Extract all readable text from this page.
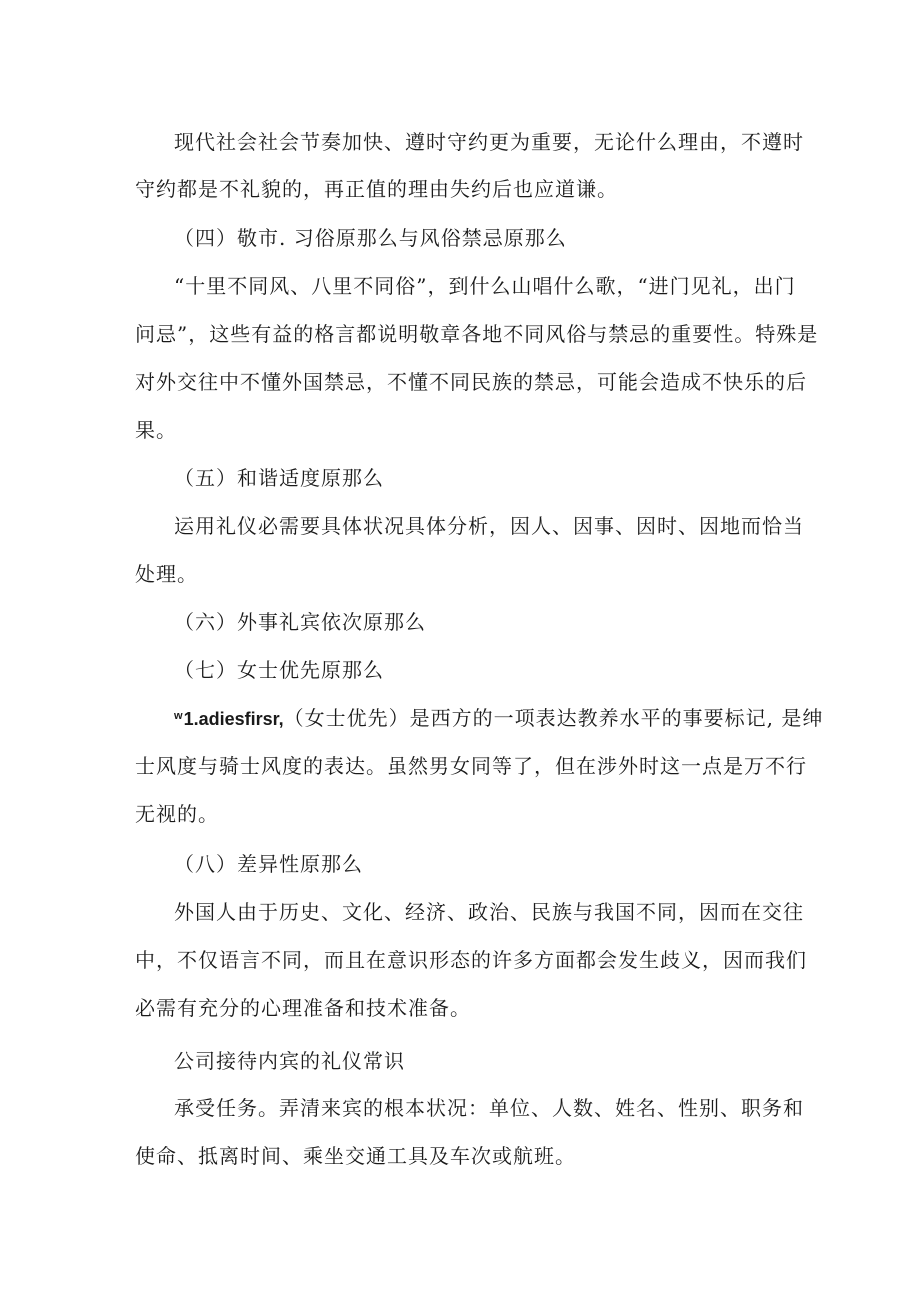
现代社会社会节奏加快、遵时守约更为重要，无论什么理由，不遵时
守约都是不礼貌的，再正值的理由失约后也应道谦。
（四）敬市. 习俗原那么与风俗禁忌原那么
“十里不同风、八里不同俗”，到什么山唱什么歌，“进门见礼，出门
问忌”，这些有益的格言都说明敬章各地不同风俗与禁忌的重要性。特殊是
对外交往中不懂外国禁忌，不懂不同民族的禁忌，可能会造成不快乐的后
果。
（五）和谐适度原那么
运用礼仪必需要具体状况具体分析，因人、因事、因时、因地而恰当
处理。
（六）外事礼宾依次原那么
（七）女士优先原那么
$^w$1.adiesfirsr,（女士优先）是西方的一项表达教养水平的事要标记, 是绅
士风度与骑士风度的表达。虽然男女同等了，但在涉外时这一点是万不行
无视的。
（八）差异性原那么
外国人由于历史、文化、经济、政治、民族与我国不同，因而在交往
中，不仅语言不同，而且在意识形态的许多方面都会发生歧义，因而我们
必需有充分的心理准备和技术准备。
公司接待内宾的礼仪常识
承受任务。弄清来宾的根本状况：单位、人数、姓名、性别、职务和
使命、抵离时间、乘坐交通工具及车次或航班。
